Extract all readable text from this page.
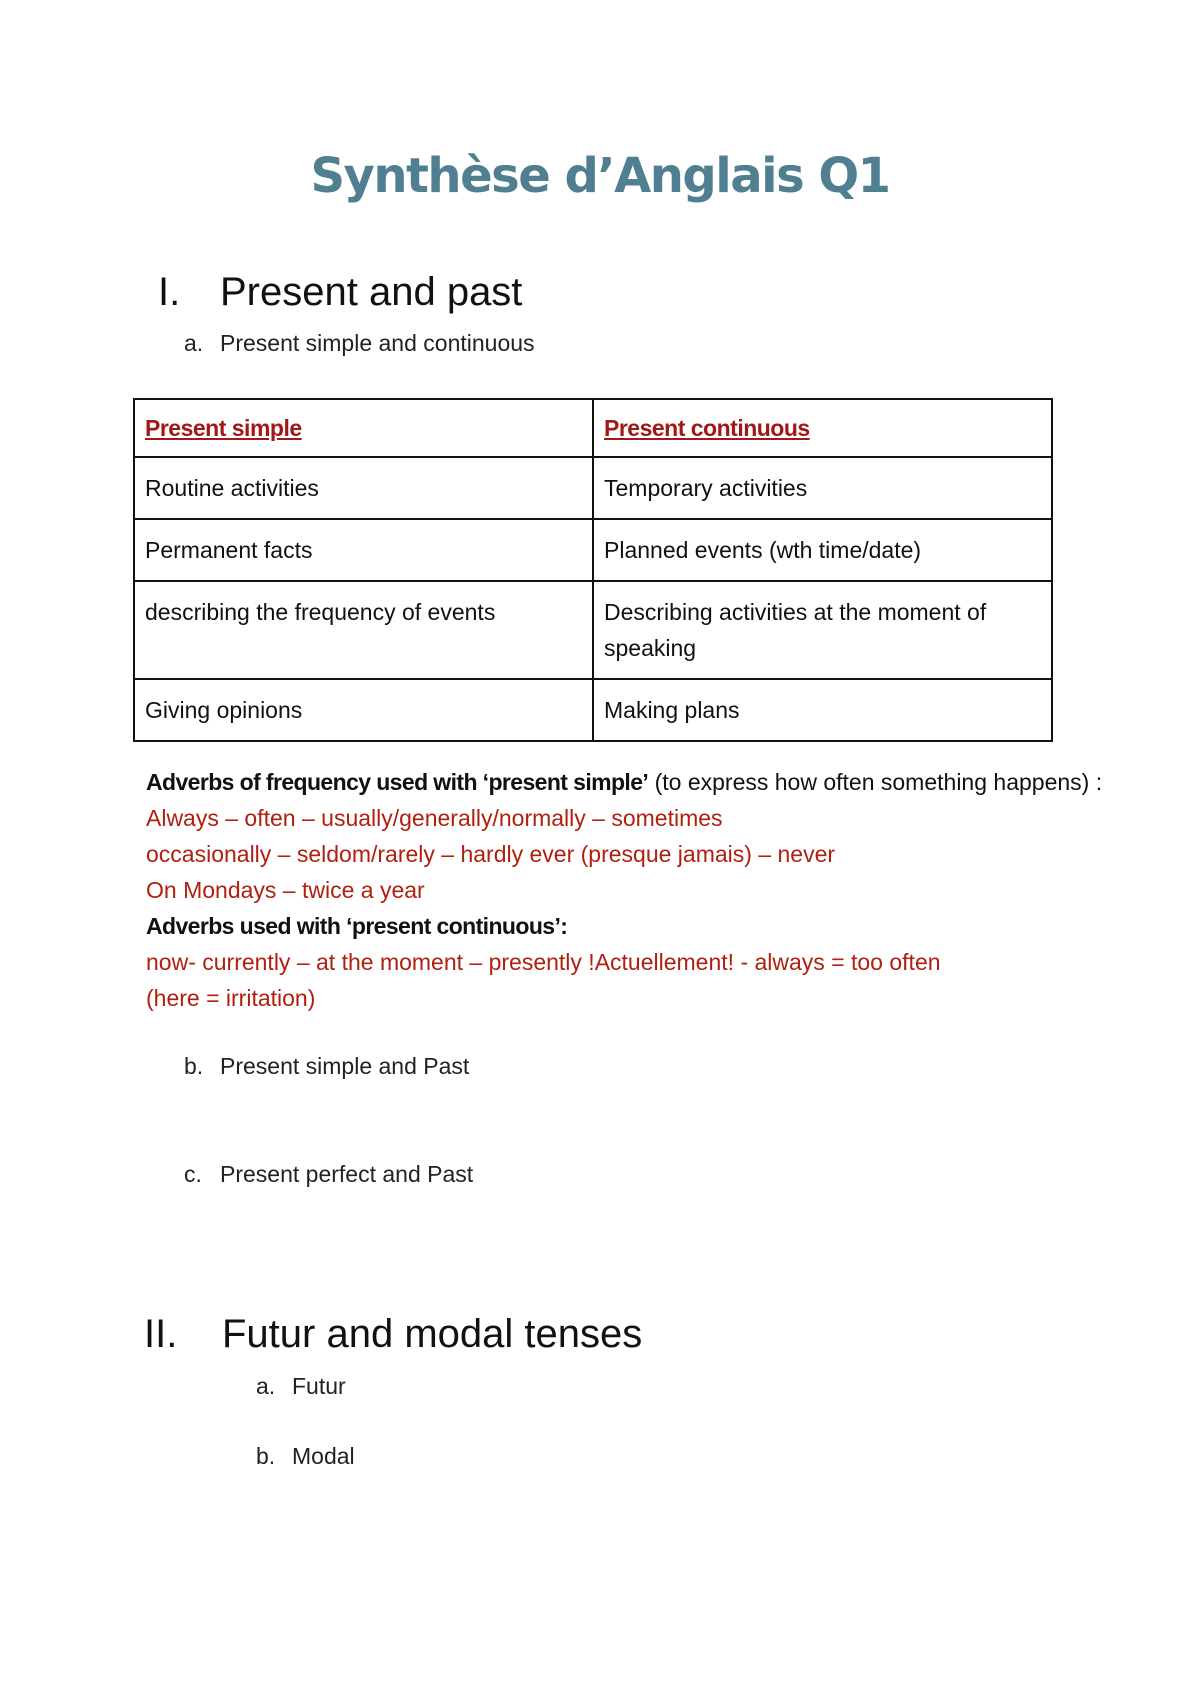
Synthèse d’Anglais Q1
I. Present and past
a. Present simple and continuous
Present simple	Present continuous
Routine activities	Temporary activities
Permanent facts	Planned events (wth time/date)
describing the frequency of events	Describing activities at the moment of speaking
Giving opinions	Making plans
Adverbs of frequency used with ‘present simple’ (to express how often something happens) :
Always – often – usually/generally/normally – sometimes
occasionally – seldom/rarely – hardly ever (presque jamais) – never
On Mondays – twice a year
Adverbs used with ‘present continuous’:
now- currently – at the moment – presently !Actuellement! - always = too often
(here = irritation)
b. Present simple and Past
c. Present perfect and Past
II. Futur and modal tenses
a. Futur
b. Modal
